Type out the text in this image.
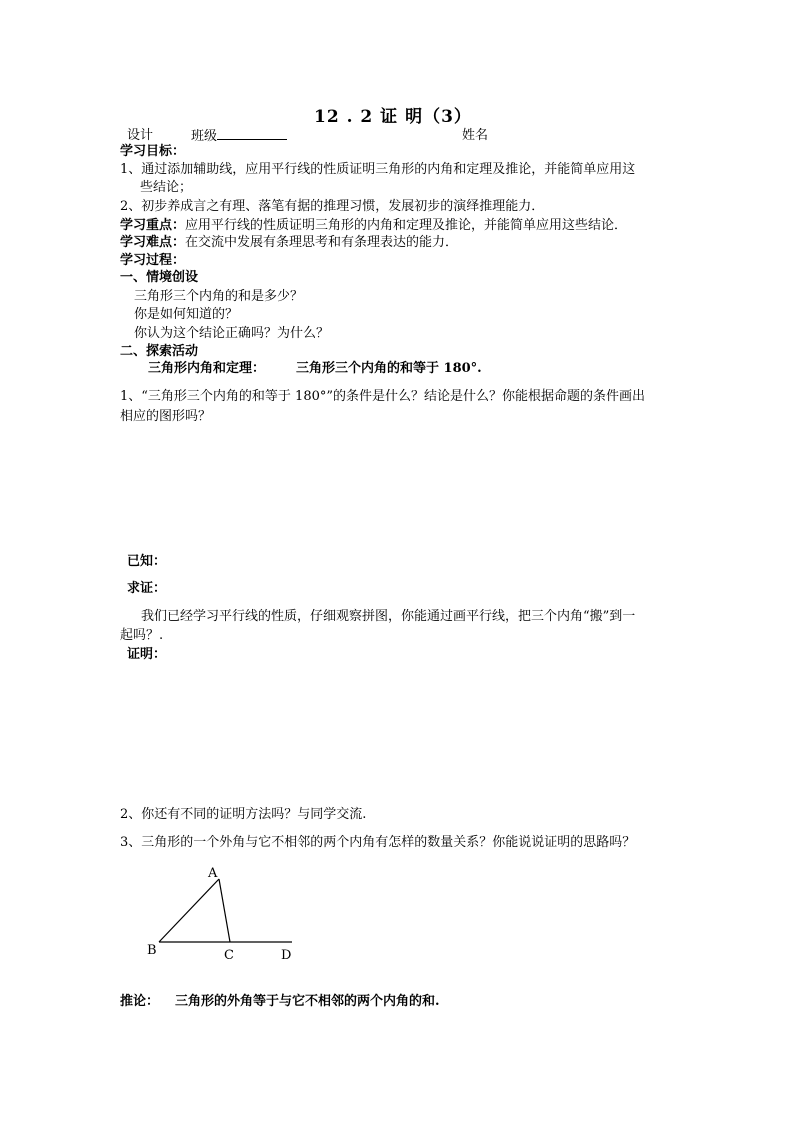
12 . 2 证 明（3）
设计	班级	姓名
学习目标：
1、通过添加辅助线，应用平行线的性质证明三角形的内角和定理及推论，并能简单应用这
些结论；
2、初步养成言之有理、落笔有据的推理习惯，发展初步的演绎推理能力．
学习重点：应用平行线的性质证明三角形的内角和定理及推论，并能简单应用这些结论．
学习难点：在交流中发展有条理思考和有条理表达的能力．
学习过程：
一、情境创设
三角形三个内角的和是多少？
你是如何知道的？
你认为这个结论正确吗？为什么？
二、探索活动
三角形内角和定理： 三角形三个内角的和等于 180°.
1、“三角形三个内角的和等于 180°”的条件是什么？结论是什么？你能根据命题的条件画出
相应的图形吗？
已知：
求证：
我们已经学习平行线的性质，仔细观察拼图，你能通过画平行线，把三个内角“搬”到一
起吗？.
证明：
2、你还有不同的证明方法吗？与同学交流.
3、三角形的一个外角与它不相邻的两个内角有怎样的数量关系？你能说说证明的思路吗？
A
B	C	D
推论： 三角形的外角等于与它不相邻的两个内角的和.
